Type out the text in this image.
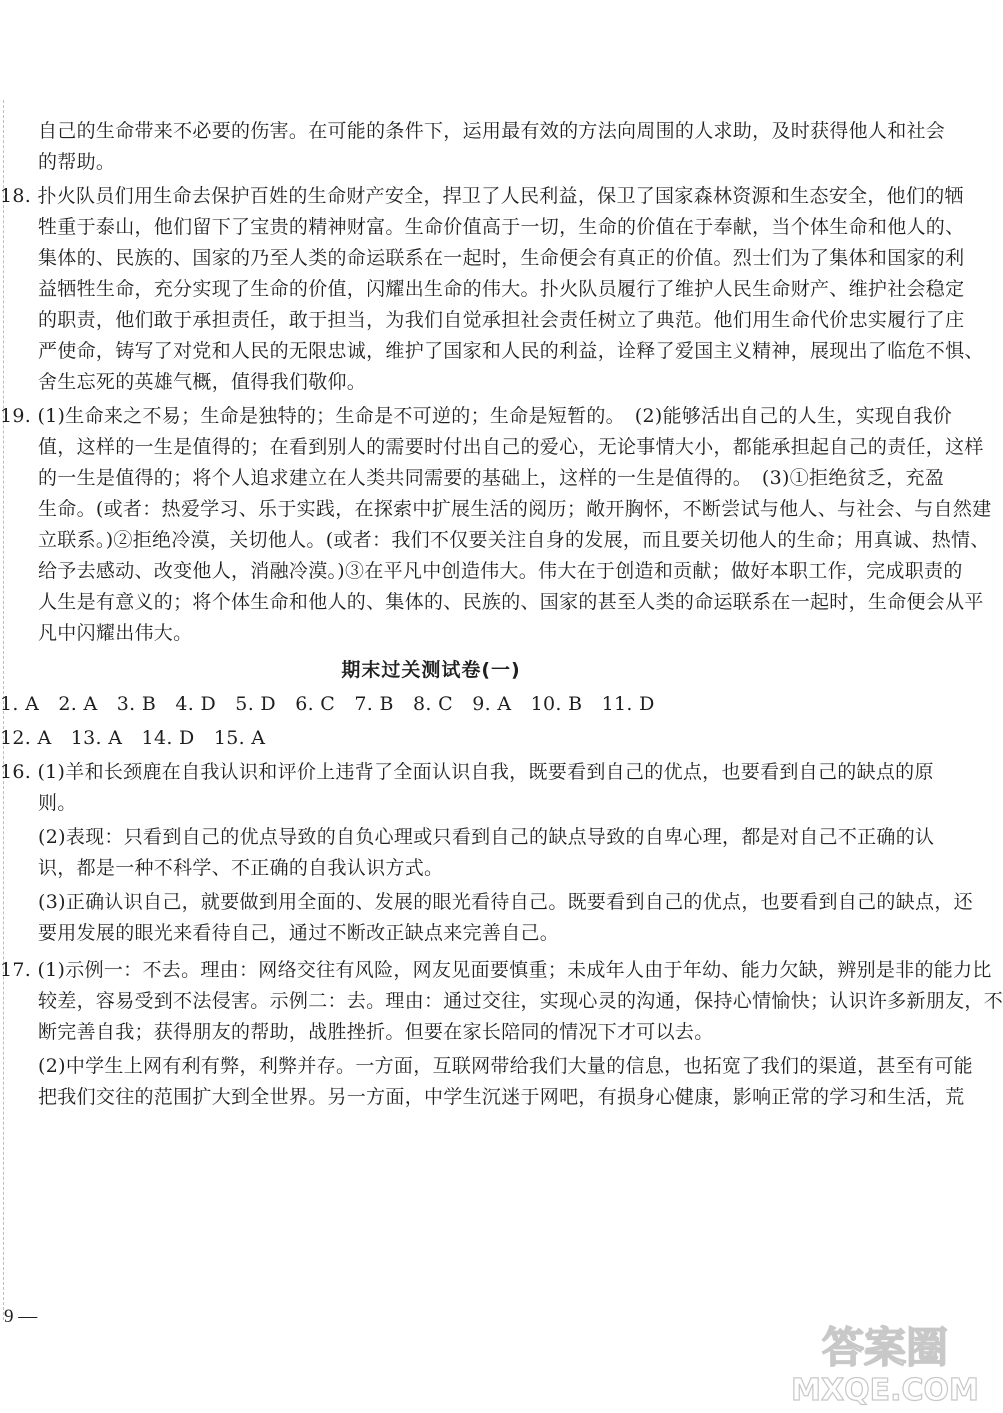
自己的生命带来不必要的伤害。在可能的条件下，运用最有效的方法向周围的人求助，及时获得他人和社会
的帮助。
18. 扑火队员们用生命去保护百姓的生命财产安全，捍卫了人民利益，保卫了国家森林资源和生态安全，他们的牺
牲重于泰山，他们留下了宝贵的精神财富。生命价值高于一切，生命的价值在于奉献，当个体生命和他人的、
集体的、民族的、国家的乃至人类的命运联系在一起时，生命便会有真正的价值。烈士们为了集体和国家的利
益牺牲生命，充分实现了生命的价值，闪耀出生命的伟大。扑火队员履行了维护人民生命财产、维护社会稳定
的职责，他们敢于承担责任，敢于担当，为我们自觉承担社会责任树立了典范。他们用生命代价忠实履行了庄
严使命，铸写了对党和人民的无限忠诚，维护了国家和人民的利益，诠释了爱国主义精神，展现出了临危不惧、
舍生忘死的英雄气概，值得我们敬仰。
19. (1)生命来之不易；生命是独特的；生命是不可逆的；生命是短暂的。　(2)能够活出自己的人生，实现自我价
值，这样的一生是值得的；在看到别人的需要时付出自己的爱心，无论事情大小，都能承担起自己的责任，这样
的一生是值得的；将个人追求建立在人类共同需要的基础上，这样的一生是值得的。　(3)①拒绝贫乏，充盈
生命。(或者：热爱学习、乐于实践，在探索中扩展生活的阅历；敞开胸怀，不断尝试与他人、与社会、与自然建
立联系。)②拒绝冷漠，关切他人。(或者：我们不仅要关注自身的发展，而且要关切他人的生命；用真诚、热情、
给予去感动、改变他人，消融冷漠。)③在平凡中创造伟大。伟大在于创造和贡献；做好本职工作，完成职责的
人生是有意义的；将个体生命和他人的、集体的、民族的、国家的甚至人类的命运联系在一起时，生命便会从平
凡中闪耀出伟大。
期末过关测试卷(一)
1. A　2. A　3. B　4. D　5. D　6. C　7. B　8. C　9. A　10. B　11. D
12. A　13. A　14. D　15. A
16. (1)羊和长颈鹿在自我认识和评价上违背了全面认识自我，既要看到自己的优点，也要看到自己的缺点的原
则。
(2)表现：只看到自己的优点导致的自负心理或只看到自己的缺点导致的自卑心理，都是对自己不正确的认
识，都是一种不科学、不正确的自我认识方式。
(3)正确认识自己，就要做到用全面的、发展的眼光看待自己。既要看到自己的优点，也要看到自己的缺点，还
要用发展的眼光来看待自己，通过不断改正缺点来完善自己。
17. (1)示例一：不去。理由：网络交往有风险，网友见面要慎重；未成年人由于年幼、能力欠缺，辨别是非的能力比
较差，容易受到不法侵害。示例二：去。理由：通过交往，实现心灵的沟通，保持心情愉快；认识许多新朋友，不
断完善自我；获得朋友的帮助，战胜挫折。但要在家长陪同的情况下才可以去。
(2)中学生上网有利有弊，利弊并存。一方面，互联网带给我们大量的信息，也拓宽了我们的渠道，甚至有可能
把我们交往的范围扩大到全世界。另一方面，中学生沉迷于网吧，有损身心健康，影响正常的学习和生活，荒
9 —
答案圈
MXQE.COM
